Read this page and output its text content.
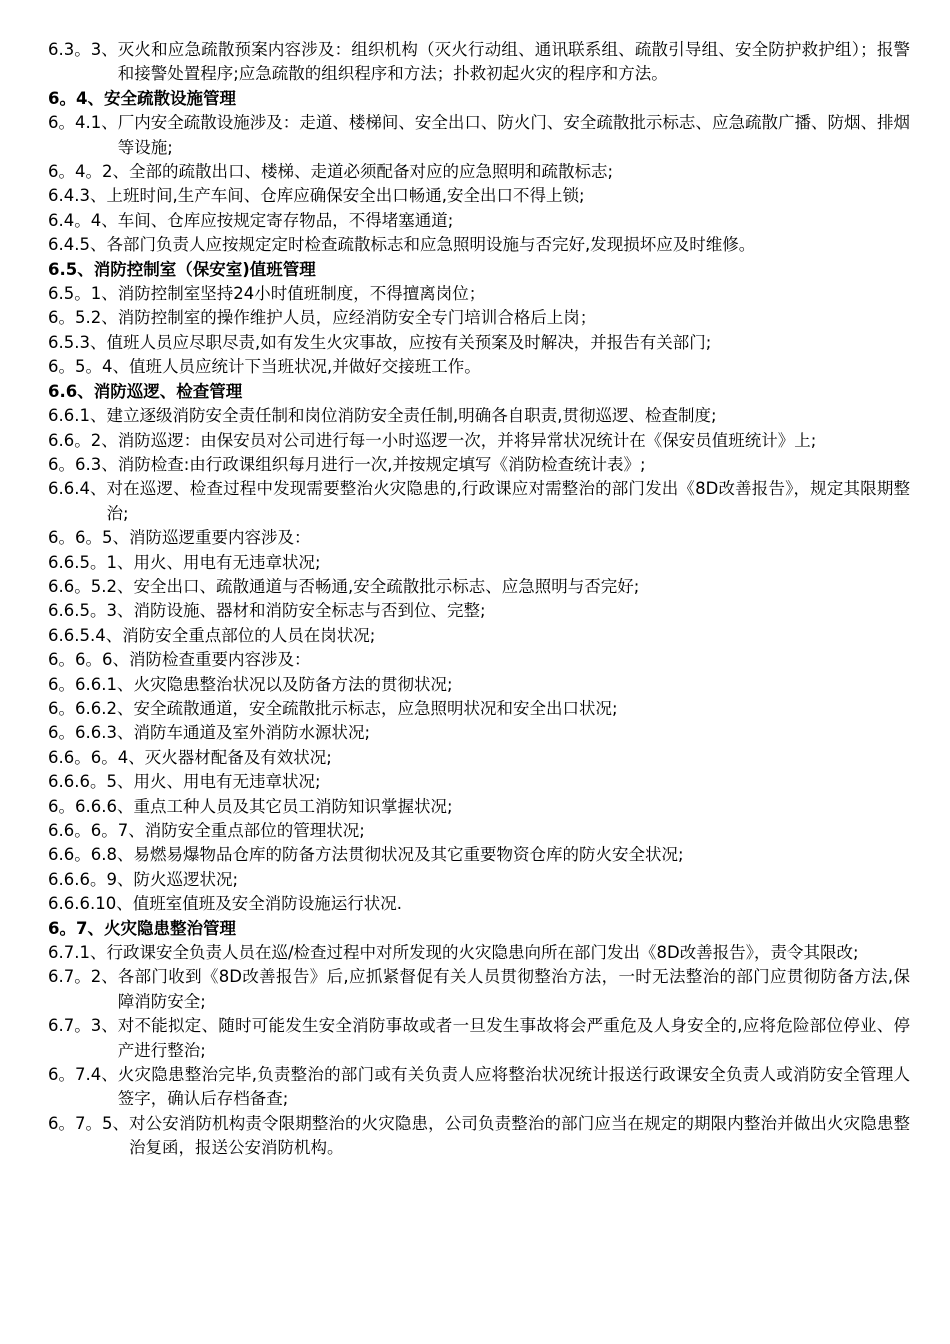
6.3。3、 灭火和应急疏散预案内容涉及：组织机构（灭火行动组、通讯联系组、疏散引导组、安全防护救护组）；报警和接警处置程序;应急疏散的组织程序和方法；扑救初起火灾的程序和方法。
6。4、 安全疏散设施管理
6。4.1、 厂内安全疏散设施涉及：走道、楼梯间、安全出口、防火门、安全疏散批示标志、应急疏散广播、防烟、排烟等设施;
6。4。2、 全部的疏散出口、楼梯、走道必须配备对应的应急照明和疏散标志;
6.4.3、 上班时间,生产车间、仓库应确保安全出口畅通,安全出口不得上锁;
6.4。4、 车间、仓库应按规定寄存物品，不得堵塞通道;
6.4.5、 各部门负责人应按规定定时检查疏散标志和应急照明设施与否完好,发现损坏应及时维修。
6.5、 消防控制室（保安室)值班管理
6.5。1、 消防控制室坚持24小时值班制度，不得擅离岗位；
6。5.2、 消防控制室的操作维护人员，应经消防安全专门培训合格后上岗；
6.5.3、 值班人员应尽职尽责,如有发生火灾事故，应按有关预案及时解决，并报告有关部门;
6。5。4、 值班人员应统计下当班状况,并做好交接班工作。
6.6、 消防巡逻、检查管理
6.6.1、 建立逐级消防安全责任制和岗位消防安全责任制,明确各自职责,贯彻巡逻、检查制度;
6.6。2、 消防巡逻：由保安员对公司进行每一小时巡逻一次，并将异常状况统计在《保安员值班统计》上;
6。6.3、 消防检查:由行政课组织每月进行一次,并按规定填写《消防检查统计表》;
6.6.4、 对在巡逻、检查过程中发现需要整治火灾隐患的,行政课应对需整治的部门发出《8D改善报告》，规定其限期整治;
6。6。5、 消防巡逻重要内容涉及：
6.6.5。1、 用火、用电有无违章状况;
6.6。5.2、 安全出口、疏散通道与否畅通,安全疏散批示标志、应急照明与否完好;
6.6.5。3、 消防设施、器材和消防安全标志与否到位、完整;
6.6.5.4、 消防安全重点部位的人员在岗状况;
6。6。6、 消防检查重要内容涉及：
6。6.6.1、 火灾隐患整治状况以及防备方法的贯彻状况;
6。6.6.2、 安全疏散通道，安全疏散批示标志，应急照明状况和安全出口状况;
6。6.6.3、 消防车通道及室外消防水源状况;
6.6。6。4、 灭火器材配备及有效状况;
6.6.6。5、 用火、用电有无违章状况;
6。6.6.6、 重点工种人员及其它员工消防知识掌握状况;
6.6。6。7、 消防安全重点部位的管理状况;
6.6。6.8、 易燃易爆物品仓库的防备方法贯彻状况及其它重要物资仓库的防火安全状况;
6.6.6。9、 防火巡逻状况;
6.6.6.10、 值班室值班及安全消防设施运行状况.
6。7、 火灾隐患整治管理
6.7.1、 行政课安全负责人员在巡/检查过程中对所发现的火灾隐患向所在部门发出《8D改善报告》，责令其限改;
6.7。2、 各部门收到《8D改善报告》后,应抓紧督促有关人员贯彻整治方法，一时无法整治的部门应贯彻防备方法,保障消防安全;
6.7。3、 对不能拟定、随时可能发生安全消防事故或者一旦发生事故将会严重危及人身安全的,应将危险部位停业、停产进行整治;
6。7.4、 火灾隐患整治完毕,负责整治的部门或有关负责人应将整治状况统计报送行政课安全负责人或消防安全管理人签字，确认后存档备查;
6。7。5、 对公安消防机构责令限期整治的火灾隐患，公司负责整治的部门应当在规定的期限内整治并做出火灾隐患整治复函，报送公安消防机构。
